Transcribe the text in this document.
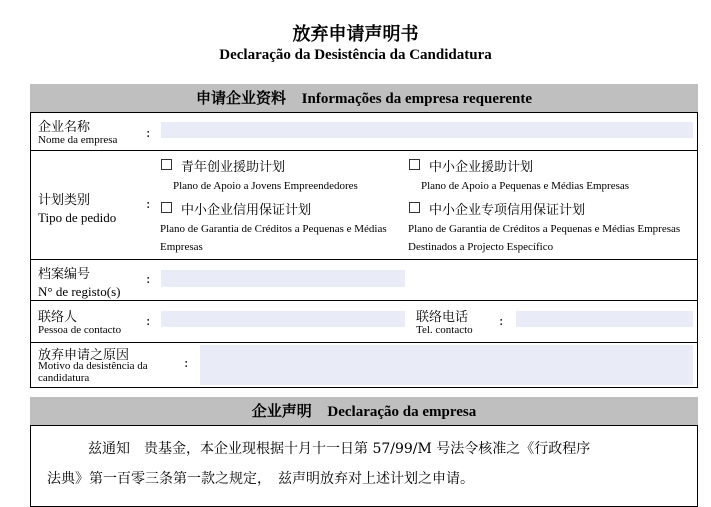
放弃申请声明书
Declaração da Desistência da Candidatura
申请企业资料 Informações da empresa requerente
企业名称
Nome da empresa :
计划类别
Tipo de pedido
:
青年创业援助计划
Plano de Apoio a Jovens Empreendedores
中小企业援助计划
Plano de Apoio a Pequenas e Médias Empresas
中小企业信用保证计划
Plano de Garantia de Créditos a Pequenas e Médias Empresas
中小企业专项信用保证计划
Plano de Garantia de Créditos a Pequenas e Médias Empresas Destinados a Projecto Específico
档案编号
N° de registo(s)
:
联络人
Pessoa de contacto
:	联络电话
Tel. contacto
:
放弃申请之原因
Motivo da desistência da candidatura
:
企业声明 Declaração da empresa
兹通知　贵基金，本企业现根据十月十一日第 57/99/M 号法令核准之《行政程序
法典》第一百零三条第一款之规定，　兹声明放弃对上述计划之申请。
